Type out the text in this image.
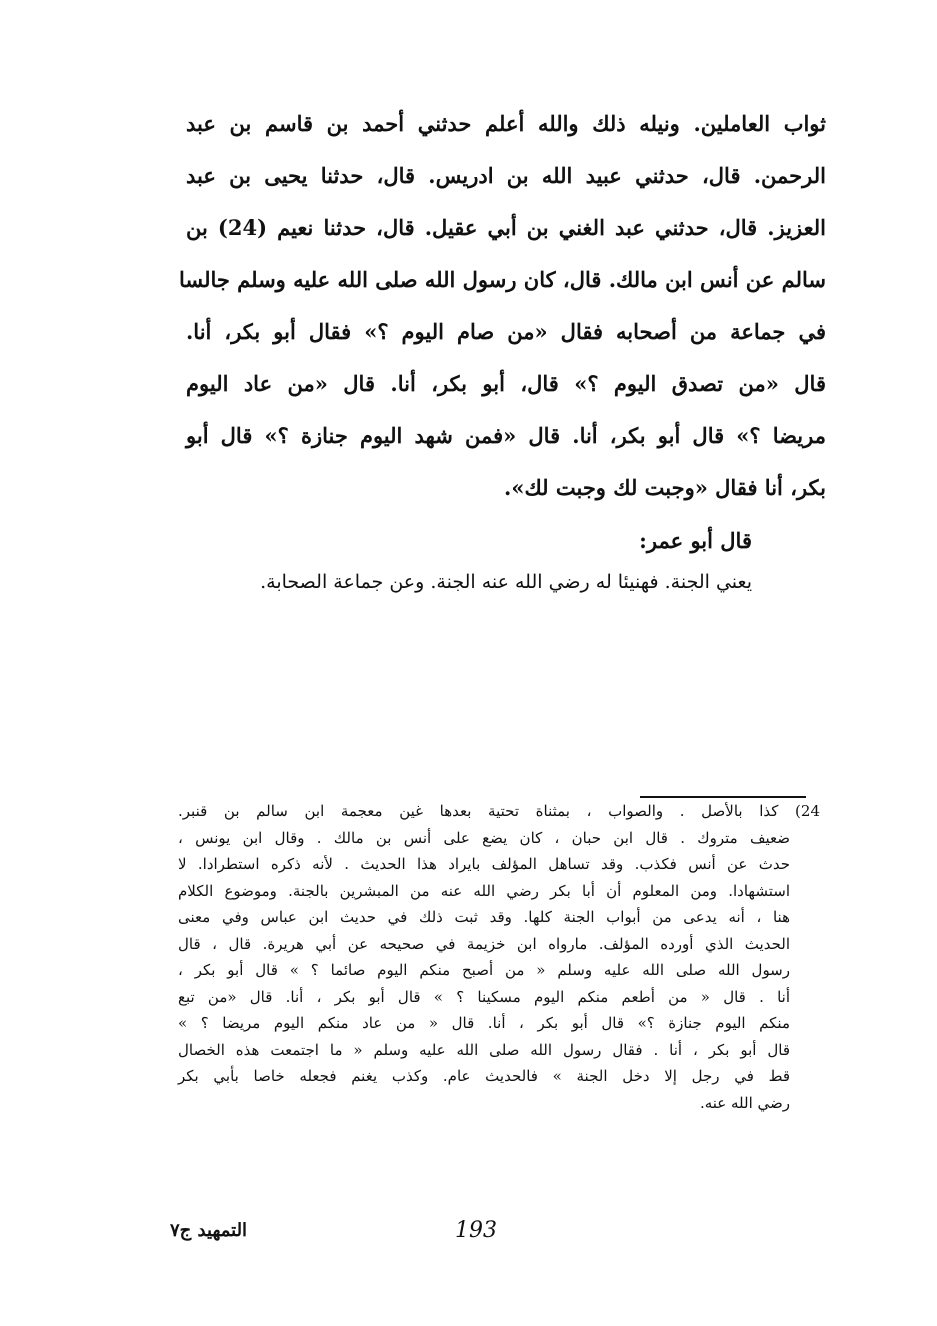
ثواب العاملين. ونيله ذلك والله أعلم حدثني أحمد بن قاسم بن عبد
الرحمن. قال، حدثني عبيد الله بن ادريس. قال، حدثنا يحيى بن عبد
العزيز. قال، حدثني عبد الغني بن أبي عقيل. قال، حدثنا نعيم (24) بن
سالم عن أنس ابن مالك. قال، كان رسول الله صلى الله عليه وسلم جالسا
في جماعة من أصحابه فقال «من صام اليوم ؟» فقال أبو بكر، أنا.
قال «من تصدق اليوم ؟» قال، أبو بكر، أنا. قال «من عاد اليوم
مريضا ؟» قال أبو بكر، أنا. قال «فمن شهد اليوم جنازة ؟» قال أبو
بكر، أنا فقال «وجبت لك وجبت لك».
قال أبو عمر:
يعني الجنة. فهنيئا له رضي الله عنه الجنة. وعن جماعة الصحابة.
24) كذا بالأصل . والصواب ، بمثناة تحتية بعدها غين معجمة ابن سالم بن قنبر.
ضعيف متروك . قال ابن حبان ، كان يضع على أنس بن مالك . وقال ابن يونس ،
حدث عن أنس فكذب. وقد تساهل المؤلف بايراد هذا الحديث . لأنه ذكره استطرادا. لا
استشهادا. ومن المعلوم أن أبا بكر رضي الله عنه من المبشرين بالجنة. وموضوع الكلام
هنا ، أنه يدعى من أبواب الجنة كلها. وقد ثبت ذلك في حديث ابن عباس وفي معنى
الحديث الذي أورده المؤلف. مارواه ابن خزيمة في صحيحه عن أبي هريرة. قال ، قال
رسول الله صلى الله عليه وسلم « من أصبح منكم اليوم صائما ؟ » قال أبو بكر ،
أنا . قال « من أطعم منكم اليوم مسكينا ؟ » قال أبو بكر ، أنا. قال «من تبع
منكم اليوم جنازة ؟» قال أبو بكر ، أنا. قال « من عاد منكم اليوم مريضا ؟ »
قال أبو بكر ، أنا . فقال رسول الله صلى الله عليه وسلم « ما اجتمعت هذه الخصال
قط في رجل إلا دخل الجنة » فالحديث عام. وكذب يغنم فجعله خاصا بأبي بكر
رضي الله عنه.
التمهيد ج٧	193
